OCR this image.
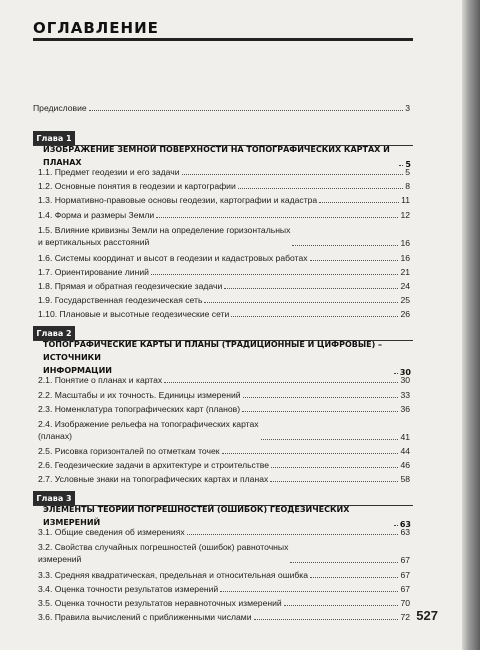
ОГЛАВЛЕНИЕ
Предисловие	3
Глава 1
ИЗОБРАЖЕНИЕ ЗЕМНОЙ ПОВЕРХНОСТИ НА ТОПОГРАФИЧЕСКИХ КАРТАХ И ПЛАНАХ	5
1.1. Предмет геодезии и его задачи	5
1.2. Основные понятия в геодезии и картографии	8
1.3. Нормативно-правовые основы геодезии, картографии и кадастра	11
1.4. Форма и размеры Земли	12
1.5. Влияние кривизны Земли на определение горизонтальных
и вертикальных расстояний	16
1.6. Системы координат и высот в геодезии и кадастровых работах	16
1.7. Ориентирование линий	21
1.8. Прямая и обратная геодезические задачи	24
1.9. Государственная геодезическая сеть	25
1.10. Плановые и высотные геодезические сети	26
Глава 2
ТОПОГРАФИЧЕСКИЕ КАРТЫ И ПЛАНЫ (ТРАДИЦИОННЫЕ И ЦИФРОВЫЕ) – ИСТОЧНИКИ
ИНФОРМАЦИИ	30
2.1. Понятие о планах и картах	30
2.2. Масштабы и их точность. Единицы измерений	33
2.3. Номенклатура топографических карт (планов)	36
2.4. Изображение рельефа на топографических картах
(планах)	41
2.5. Рисовка горизонталей по отметкам точек	44
2.6. Геодезические задачи в архитектуре и строительстве	46
2.7. Условные знаки на топографических картах и планах	58
Глава 3
ЭЛЕМЕНТЫ ТЕОРИИ ПОГРЕШНОСТЕЙ (ОШИБОК) ГЕОДЕЗИЧЕСКИХ ИЗМЕРЕНИЙ	63
3.1. Общие сведения об измерениях	63
3.2. Свойства случайных погрешностей (ошибок) равноточных
измерений	67
3.3. Средняя квадратическая, предельная и относительная ошибка	67
3.4. Оценка точности результатов измерений	67
3.5. Оценка точности результатов неравноточных измерений	70
3.6. Правила вычислений с приближенными числами	72 527
